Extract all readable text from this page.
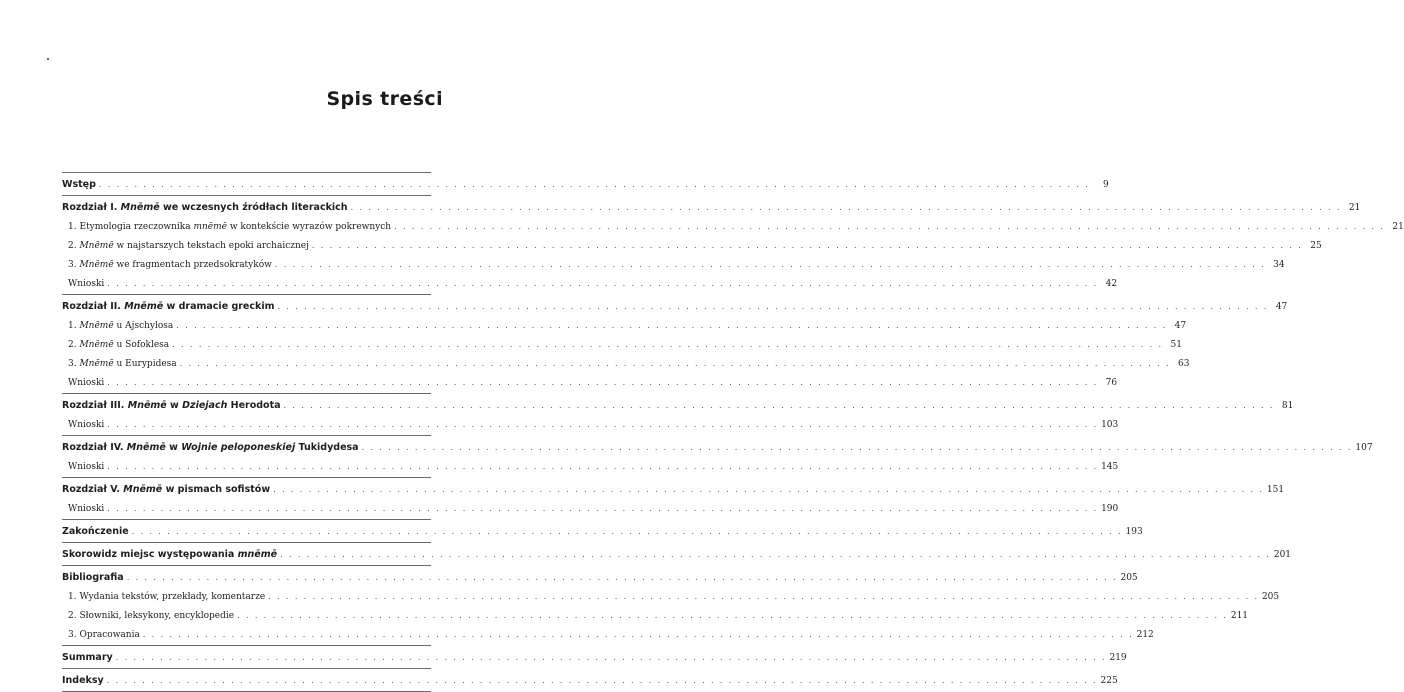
Spis treści
Wstęp . . . . . . . . . . . . . . . . . . . . . . . . . . . . . . . . . . . . . . . . . . . . . . . . . . . . . . . . . . . . . . . . . . . . . . . . . . . . . . . . . . . . . . . . . . . . . . . . . . . . . . . . . . . . . . . .	9
Rozdział I. Mnēmē we wczesnych źródłach literackich . . . . . . . . . . . . . . . . . . . . . . . . . . . . . . . . . . . . . . . . . . . . . . . . . . . . . . . . . . . . . . . . . . . . . . . . . . . . . . . . . . . . . . . . . . . . . . . . . . . . . . . . . . . . . . . . 21
1. Etymologia rzeczownika mnēmē w kontekście wyrazów pokrewnych . . . . . . . . . . . . . . . . . . . . . . . . . . . . . . . . . . . . . . . . . . . . . . . . . . . . . . . . . . . . . . . . . . . . . . . . . . . . . . . . . . . . . . . . . . . . . . . . . . . . . . . . . . . . . . . . 21
2. Mnēmē w najstarszych tekstach epoki archaicznej . . . . . . . . . . . . . . . . . . . . . . . . . . . . . . . . . . . . . . . . . . . . . . . . . . . . . . . . . . . . . . . . . . . . . . . . . . . . . . . . . . . . . . . . . . . . . . . . . . . . . . . . . . . . . . . . 25
3. Mnēmē we fragmentach przedsokratyków . . . . . . . . . . . . . . . . . . . . . . . . . . . . . . . . . . . . . . . . . . . . . . . . . . . . . . . . . . . . . . . . . . . . . . . . . . . . . . . . . . . . . . . . . . . . . . . . . . . . . . . . . . . . . . . . 34
Wnioski . . . . . . . . . . . . . . . . . . . . . . . . . . . . . . . . . . . . . . . . . . . . . . . . . . . . . . . . . . . . . . . . . . . . . . . . . . . . . . . . . . . . . . . . . . . . . . . . . . . . . . . . . . . . . . . . 42
Rozdział II. Mnēmē w dramacie greckim . . . . . . . . . . . . . . . . . . . . . . . . . . . . . . . . . . . . . . . . . . . . . . . . . . . . . . . . . . . . . . . . . . . . . . . . . . . . . . . . . . . . . . . . . . . . . . . . . . . . . . . . . . . . . . . . 47
1. Mnēmē u Ajschylosa . . . . . . . . . . . . . . . . . . . . . . . . . . . . . . . . . . . . . . . . . . . . . . . . . . . . . . . . . . . . . . . . . . . . . . . . . . . . . . . . . . . . . . . . . . . . . . . . . . . . . . . . . . . . . . . . 47
2. Mnēmē u Sofoklesa . . . . . . . . . . . . . . . . . . . . . . . . . . . . . . . . . . . . . . . . . . . . . . . . . . . . . . . . . . . . . . . . . . . . . . . . . . . . . . . . . . . . . . . . . . . . . . . . . . . . . . . . . . . . . . . . 51
3. Mnēmē u Eurypidesa . . . . . . . . . . . . . . . . . . . . . . . . . . . . . . . . . . . . . . . . . . . . . . . . . . . . . . . . . . . . . . . . . . . . . . . . . . . . . . . . . . . . . . . . . . . . . . . . . . . . . . . . . . . . . . . . 63
Wnioski . . . . . . . . . . . . . . . . . . . . . . . . . . . . . . . . . . . . . . . . . . . . . . . . . . . . . . . . . . . . . . . . . . . . . . . . . . . . . . . . . . . . . . . . . . . . . . . . . . . . . . . . . . . . . . . . 76
Rozdział III. Mnēmē w Dziejach Herodota . . . . . . . . . . . . . . . . . . . . . . . . . . . . . . . . . . . . . . . . . . . . . . . . . . . . . . . . . . . . . . . . . . . . . . . . . . . . . . . . . . . . . . . . . . . . . . . . . . . . . . . . . . . . . . . . 81
Wnioski . . . . . . . . . . . . . . . . . . . . . . . . . . . . . . . . . . . . . . . . . . . . . . . . . . . . . . . . . . . . . . . . . . . . . . . . . . . . . . . . . . . . . . . . . . . . . . . . . . . . . . . . . . . . . . . . 103
Rozdział IV. Mnēmē w Wojnie peloponeskiej Tukidydesa . . . . . . . . . . . . . . . . . . . . . . . . . . . . . . . . . . . . . . . . . . . . . . . . . . . . . . . . . . . . . . . . . . . . . . . . . . . . . . . . . . . . . . . . . . . . . . . . . . . . . . . . . . . . . . . . 107
Wnioski . . . . . . . . . . . . . . . . . . . . . . . . . . . . . . . . . . . . . . . . . . . . . . . . . . . . . . . . . . . . . . . . . . . . . . . . . . . . . . . . . . . . . . . . . . . . . . . . . . . . . . . . . . . . . . . . 145
Rozdział V. Mnēmē w pismach sofistów . . . . . . . . . . . . . . . . . . . . . . . . . . . . . . . . . . . . . . . . . . . . . . . . . . . . . . . . . . . . . . . . . . . . . . . . . . . . . . . . . . . . . . . . . . . . . . . . . . . . . . . . . . . . . . . . 151
Wnioski . . . . . . . . . . . . . . . . . . . . . . . . . . . . . . . . . . . . . . . . . . . . . . . . . . . . . . . . . . . . . . . . . . . . . . . . . . . . . . . . . . . . . . . . . . . . . . . . . . . . . . . . . . . . . . . . 190
Zakończenie . . . . . . . . . . . . . . . . . . . . . . . . . . . . . . . . . . . . . . . . . . . . . . . . . . . . . . . . . . . . . . . . . . . . . . . . . . . . . . . . . . . . . . . . . . . . . . . . . . . . . . . . . . . . . . . . 193
Skorowidz miejsc występowania mnēmē . . . . . . . . . . . . . . . . . . . . . . . . . . . . . . . . . . . . . . . . . . . . . . . . . . . . . . . . . . . . . . . . . . . . . . . . . . . . . . . . . . . . . . . . . . . . . . . . . . . . . . . . . . . . . . . . 201
Bibliografia . . . . . . . . . . . . . . . . . . . . . . . . . . . . . . . . . . . . . . . . . . . . . . . . . . . . . . . . . . . . . . . . . . . . . . . . . . . . . . . . . . . . . . . . . . . . . . . . . . . . . . . . . . . . . . . . 205
1. Wydania tekstów, przekłady, komentarze . . . . . . . . . . . . . . . . . . . . . . . . . . . . . . . . . . . . . . . . . . . . . . . . . . . . . . . . . . . . . . . . . . . . . . . . . . . . . . . . . . . . . . . . . . . . . . . . . . . . . . . . . . . . . . . . 205
2. Słowniki, leksykony, encyklopedie . . . . . . . . . . . . . . . . . . . . . . . . . . . . . . . . . . . . . . . . . . . . . . . . . . . . . . . . . . . . . . . . . . . . . . . . . . . . . . . . . . . . . . . . . . . . . . . . . . . . . . . . . . . . . . . . 211
3. Opracowania . . . . . . . . . . . . . . . . . . . . . . . . . . . . . . . . . . . . . . . . . . . . . . . . . . . . . . . . . . . . . . . . . . . . . . . . . . . . . . . . . . . . . . . . . . . . . . . . . . . . . . . . . . . . . . . . 212
Summary . . . . . . . . . . . . . . . . . . . . . . . . . . . . . . . . . . . . . . . . . . . . . . . . . . . . . . . . . . . . . . . . . . . . . . . . . . . . . . . . . . . . . . . . . . . . . . . . . . . . . . . . . . . . . . . . 219
Indeksy . . . . . . . . . . . . . . . . . . . . . . . . . . . . . . . . . . . . . . . . . . . . . . . . . . . . . . . . . . . . . . . . . . . . . . . . . . . . . . . . . . . . . . . . . . . . . . . . . . . . . . . . . . . . . . . . 225
